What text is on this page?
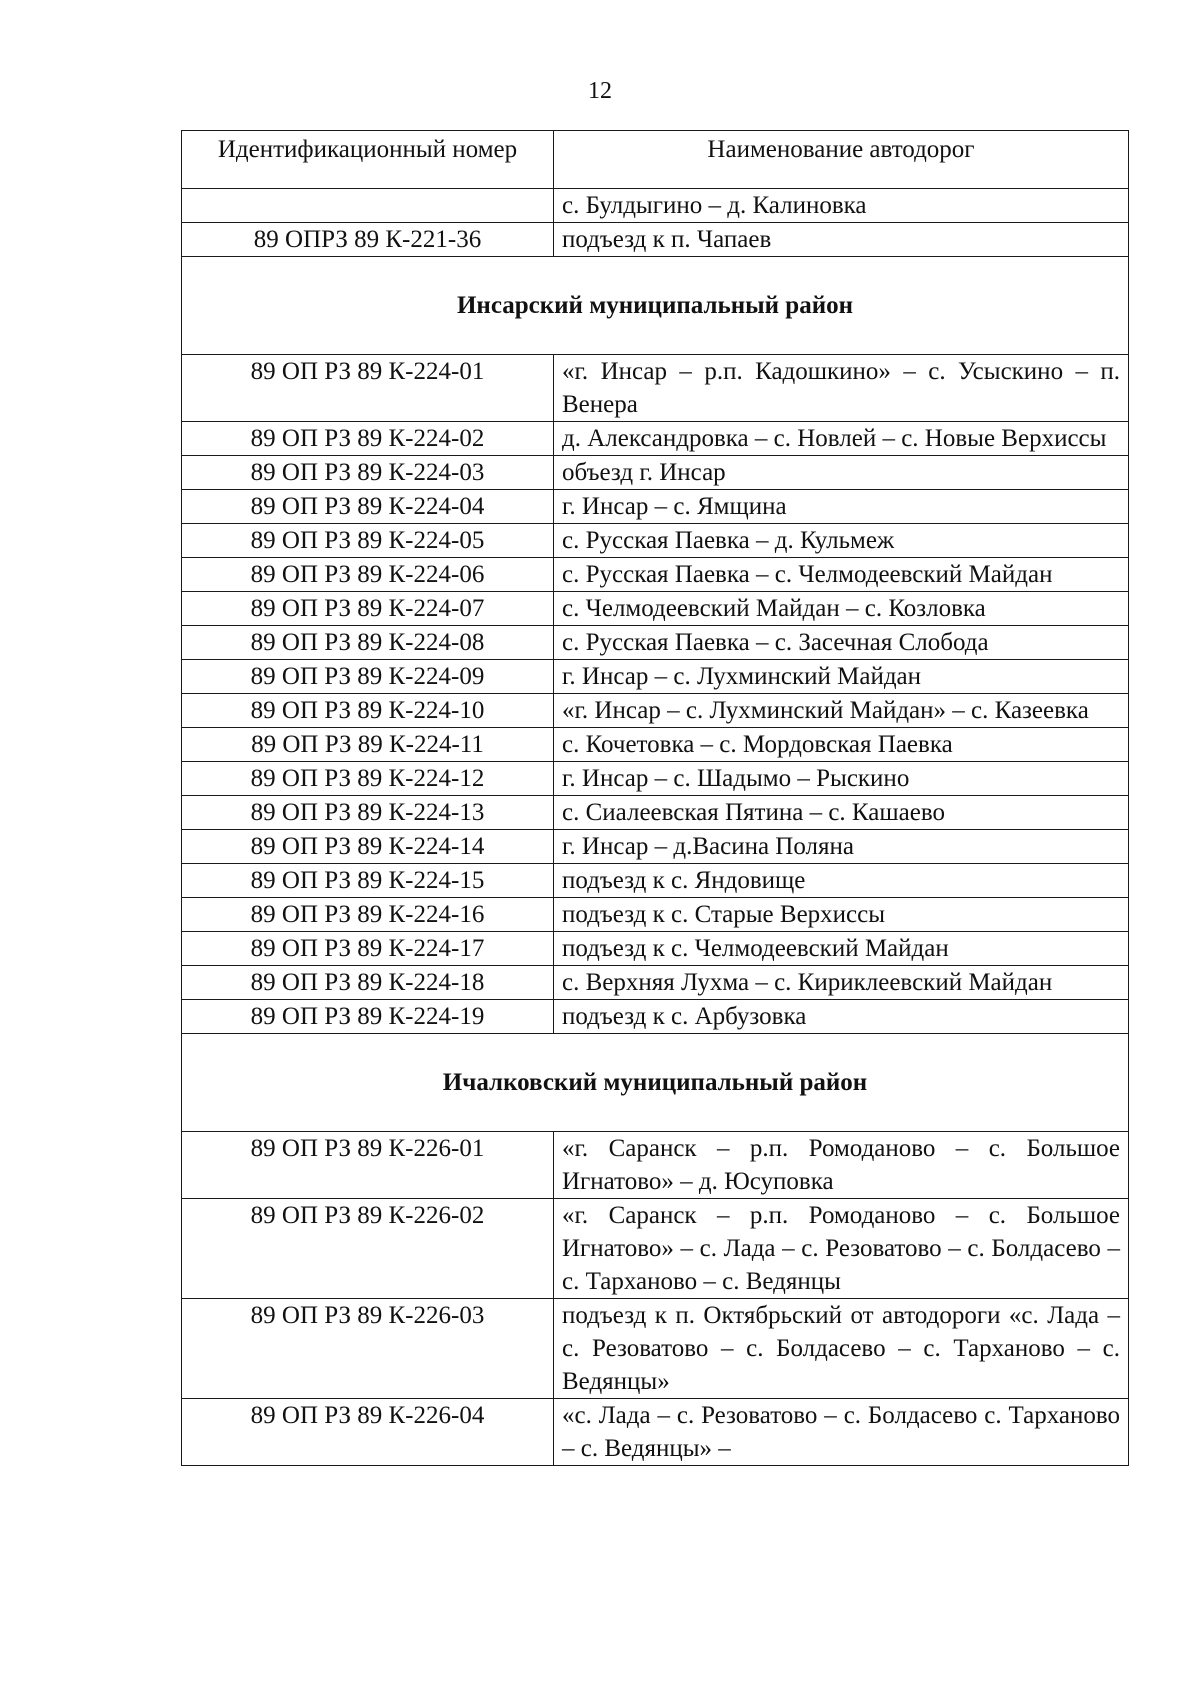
12
Идентификационный номер	Наименование автодорог
	с. Булдыгино – д. Калиновка
89 ОПРЗ 89 К-221-36	подъезд к п. Чапаев
Инсарский муниципальный район	
89 ОП РЗ 89 К-224-01	«г. Инсар – р.п. Кадошкино» – с. Усыскино – п. Венера
89 ОП РЗ 89 К-224-02	д. Александровка – с. Новлей – с. Новые Верхиссы
89 ОП РЗ 89 К-224-03	объезд г. Инсар
89 ОП РЗ 89 К-224-04	г. Инсар – с. Ямщина
89 ОП РЗ 89 К-224-05	с. Русская Паевка – д. Кульмеж
89 ОП РЗ 89 К-224-06	с. Русская Паевка – с. Челмодеевский Майдан
89 ОП РЗ 89 К-224-07	с. Челмодеевский Майдан – с. Козловка
89 ОП РЗ 89 К-224-08	с. Русская Паевка – с. Засечная Слобода
89 ОП РЗ 89 К-224-09	г. Инсар – с. Лухминский Майдан
89 ОП РЗ 89 К-224-10	«г. Инсар – с. Лухминский Майдан» – с. Казеевка
89 ОП РЗ 89 К-224-11	с. Кочетовка – с. Мордовская Паевка
89 ОП РЗ 89 К-224-12	г. Инсар – с. Шадымо – Рыскино
89 ОП РЗ 89 К-224-13	с. Сиалеевская Пятина – с. Кашаево
89 ОП РЗ 89 К-224-14	г. Инсар – д.Васина Поляна
89 ОП РЗ 89 К-224-15	подъезд к с. Яндовище
89 ОП РЗ 89 К-224-16	подъезд к с. Старые Верхиссы
89 ОП РЗ 89 К-224-17	подъезд к с. Челмодеевский Майдан
89 ОП РЗ 89 К-224-18	с. Верхняя Лухма – с. Кириклеевский Майдан
89 ОП РЗ 89 К-224-19	подъезд к с. Арбузовка
Ичалковский муниципальный район	
89 ОП РЗ 89 К-226-01	«г. Саранск – р.п. Ромоданово – с. Большое Игнатово» – д. Юсуповка
89 ОП РЗ 89 К-226-02	«г. Саранск – р.п. Ромоданово – с. Большое Игнатово» – с. Лада – с. Резоватово – с. Болдасево – с. Тарханово – с. Ведянцы
89 ОП РЗ 89 К-226-03	подъезд к п. Октябрьский от автодороги «с. Лада – с. Резоватово – с. Болдасево – с. Тарханово – с. Ведянцы»
89 ОП РЗ 89 К-226-04	«с. Лада – с. Резоватово – с. Болдасево с. Тарханово – с. Ведянцы» –
